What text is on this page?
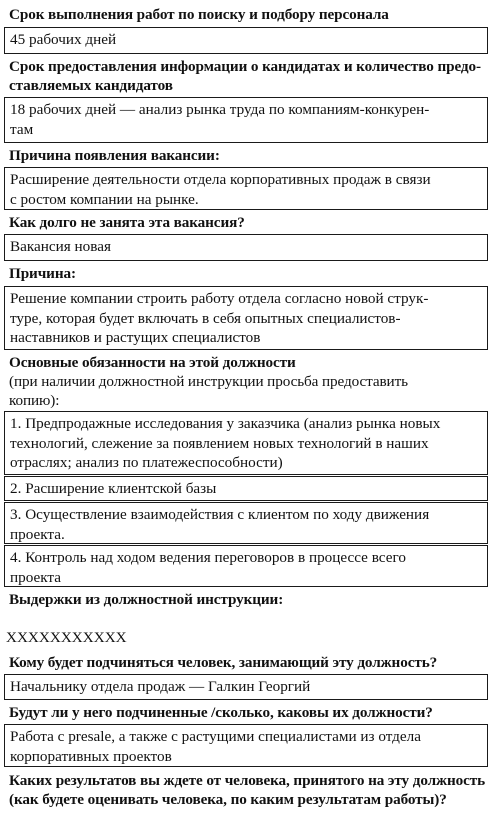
Срок выполнения работ по поиску и подбору персонала
45 рабочих дней
Срок предоставления информации о кандидатах и количество предо-
ставляемых кандидатов
18 рабочих дней — анализ рынка труда по компаниям-конкурен-
там
Причина появления вакансии:
Расширение деятельности отдела корпоративных продаж в связи
с ростом компании на рынке.
Как долго не занята эта вакансия?
Вакансия новая
Причина:
Решение компании строить работу отдела согласно новой струк-
туре, которая будет включать в себя опытных специалистов-
наставников и растущих специалистов
Основные обязанности на этой должности
(при наличии должностной инструкции просьба предоставить
копию):
1. Предпродажные исследования у заказчика (анализ рынка новых
технологий, слежение за появлением новых технологий в наших
отраслях; анализ по платежеспособности)
2. Расширение клиентской базы
3. Осуществление взаимодействия с клиентом по ходу движения
проекта.
4. Контроль над ходом ведения переговоров в процессе всего
проекта
Выдержки из должностной инструкции:
XXXXXXXXXXX
Кому будет подчиняться человек, занимающий эту должность?
Начальнику отдела продаж — Галкин Георгий
Будут ли у него подчиненные /сколько, каковы их должности?
Работа с presale, а также с растущими специалистами из отдела
корпоративных проектов
Каких результатов вы ждете от человека, принятого на эту должность
(как будете оценивать человека, по каким результатам работы)?
